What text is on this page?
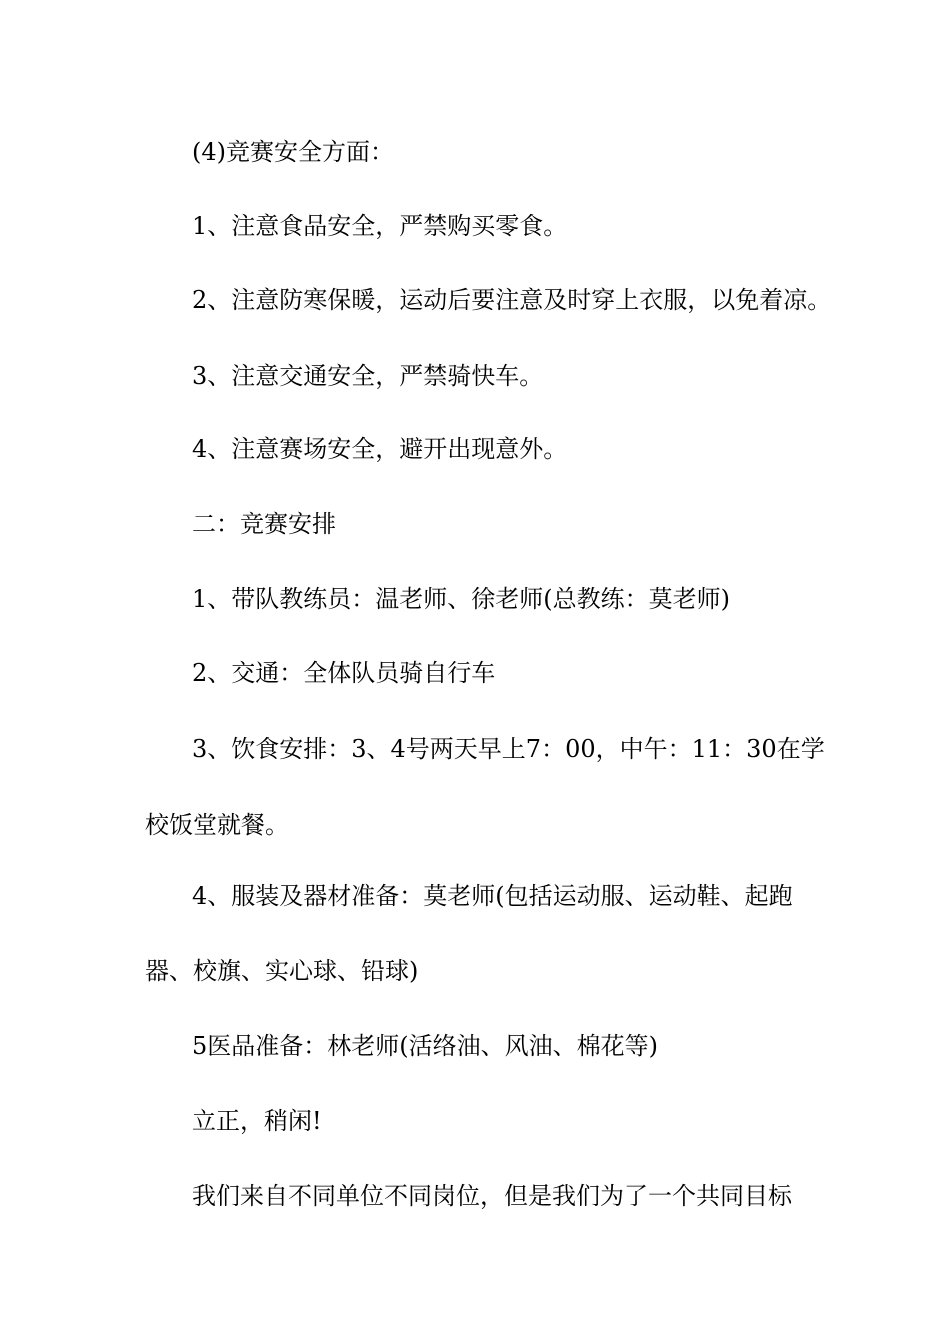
(4)竞赛安全方面：
1、注意食品安全，严禁购买零食。
2、注意防寒保暖，运动后要注意及时穿上衣服，以免着凉。
3、注意交通安全，严禁骑快车。
4、注意赛场安全，避开出现意外。
二：竞赛安排
1、带队教练员：温老师、徐老师(总教练：莫老师)
2、交通：全体队员骑自行车
3、饮食安排：3、4号两天早上7：00，中午：11：30在学
校饭堂就餐。
4、服装及器材准备：莫老师(包括运动服、运动鞋、起跑
器、校旗、实心球、铅球)
5医品准备：林老师(活络油、风油、棉花等)
立正，稍闲!
我们来自不同单位不同岗位，但是我们为了一个共同目标
